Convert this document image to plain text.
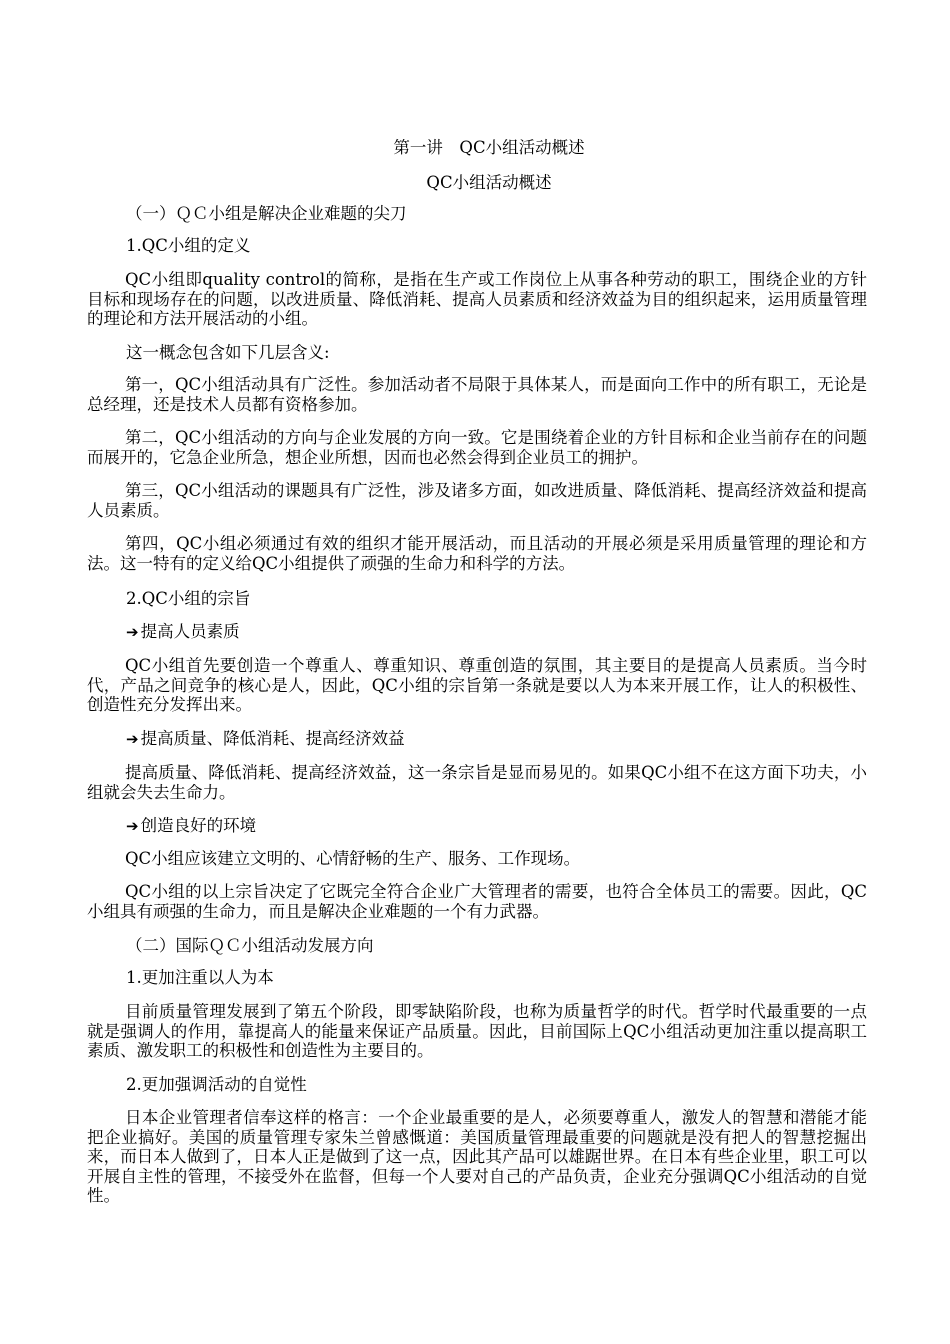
第一讲　QC小组活动概述
QC小组活动概述
（一）ＱＣ小组是解决企业难题的尖刀
1.QC小组的定义
QC小组即quality control的简称，是指在生产或工作岗位上从事各种劳动的职工，围绕企业的方针目标和现场存在的问题，以改进质量、降低消耗、提高人员素质和经济效益为目的组织起来，运用质量管理的理论和方法开展活动的小组。
这一概念包含如下几层含义:
第一，QC小组活动具有广泛性。参加活动者不局限于具体某人，而是面向工作中的所有职工，无论是总经理，还是技术人员都有资格参加。
第二，QC小组活动的方向与企业发展的方向一致。它是围绕着企业的方针目标和企业当前存在的问题而展开的，它急企业所急，想企业所想，因而也必然会得到企业员工的拥护。
第三，QC小组活动的课题具有广泛性，涉及诸多方面，如改进质量、降低消耗、提高经济效益和提高人员素质。
第四，QC小组必须通过有效的组织才能开展活动，而且活动的开展必须是采用质量管理的理论和方法。这一特有的定义给QC小组提供了顽强的生命力和科学的方法。
2.QC小组的宗旨
➔ 提高人员素质
QC小组首先要创造一个尊重人、尊重知识、尊重创造的氛围，其主要目的是提高人员素质。当今时代，产品之间竞争的核心是人，因此，QC小组的宗旨第一条就是要以人为本来开展工作，让人的积极性、创造性充分发挥出来。
➔ 提高质量、降低消耗、提高经济效益
提高质量、降低消耗、提高经济效益，这一条宗旨是显而易见的。如果QC小组不在这方面下功夫，小组就会失去生命力。
➔ 创造良好的环境
QC小组应该建立文明的、心情舒畅的生产、服务、工作现场。
QC小组的以上宗旨决定了它既完全符合企业广大管理者的需要，也符合全体员工的需要。因此，QC小组具有顽强的生命力，而且是解决企业难题的一个有力武器。
（二）国际ＱＣ小组活动发展方向
1.更加注重以人为本
目前质量管理发展到了第五个阶段，即零缺陷阶段，也称为质量哲学的时代。哲学时代最重要的一点就是强调人的作用，靠提高人的能量来保证产品质量。因此，目前国际上QC小组活动更加注重以提高职工素质、激发职工的积极性和创造性为主要目的。
2.更加强调活动的自觉性
日本企业管理者信奉这样的格言：一个企业最重要的是人，必须要尊重人，激发人的智慧和潜能才能把企业搞好。美国的质量管理专家朱兰曾感慨道：美国质量管理最重要的问题就是没有把人的智慧挖掘出来，而日本人做到了，日本人正是做到了这一点，因此其产品可以雄踞世界。在日本有些企业里，职工可以开展自主性的管理，不接受外在监督，但每一个人要对自己的产品负责，企业充分强调QC小组活动的自觉性。
